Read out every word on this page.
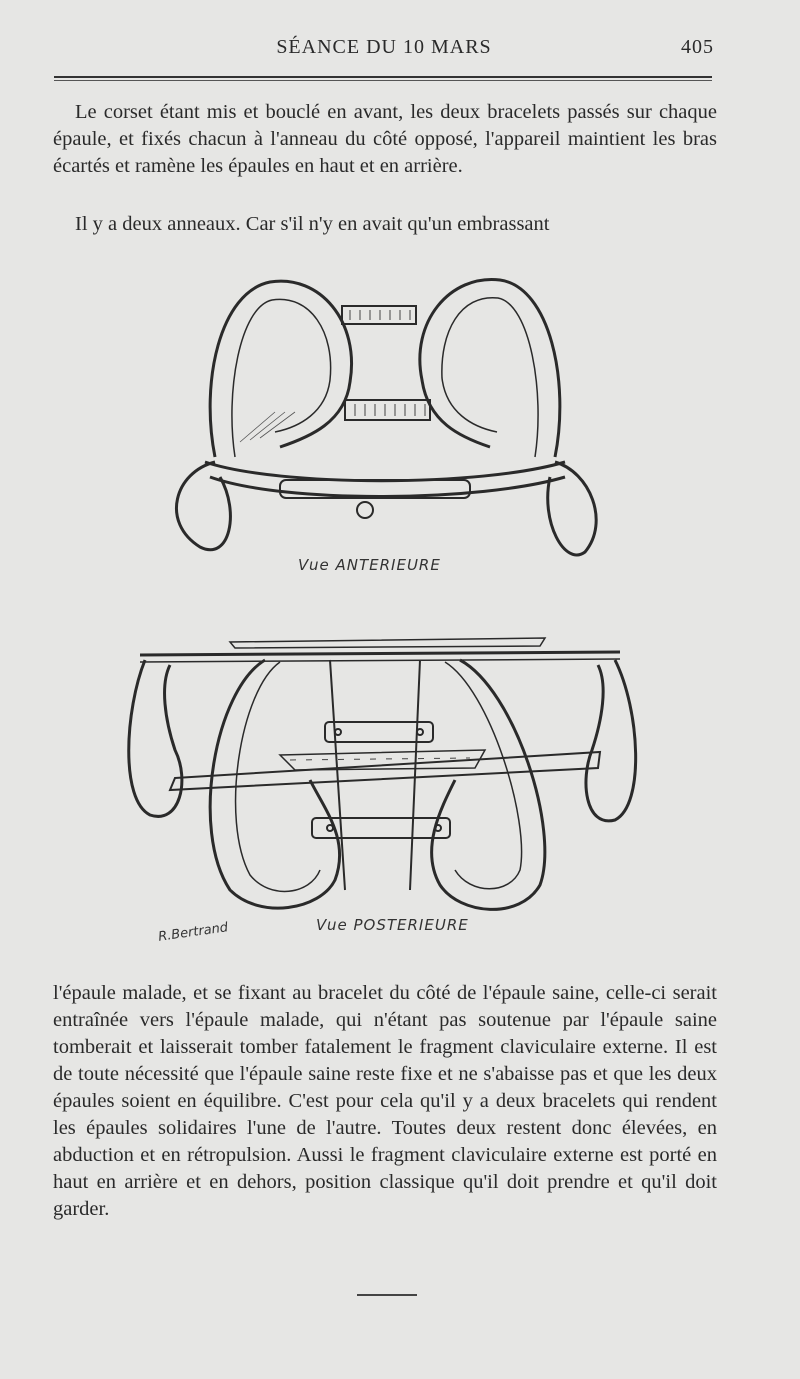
SÉANCE DU 10 MARS	405

Le corset étant mis et bouclé en avant, les deux bracelets passés sur chaque épaule, et fixés chacun à l'anneau du côté opposé, l'appareil maintient les bras écartés et ramène les épaules en haut et en arrière.

Il y a deux anneaux. Car s'il n'y en avait qu'un embrassant

Vue ANTERIEURE
Vue POSTERIEURE
R.Bertrand

l'épaule malade, et se fixant au bracelet du côté de l'épaule saine, celle-ci serait entraînée vers l'épaule malade, qui n'étant pas soutenue par l'épaule saine tomberait et laisserait tomber fatalement le fragment claviculaire externe. Il est de toute nécessité que l'épaule saine reste fixe et ne s'abaisse pas et que les deux épaules soient en équilibre. C'est pour cela qu'il y a deux bracelets qui rendent les épaules solidaires l'une de l'autre. Toutes deux restent donc élevées, en abduction et en rétropulsion. Aussi le fragment claviculaire externe est porté en haut en arrière et en dehors, position classique qu'il doit prendre et qu'il doit garder.
